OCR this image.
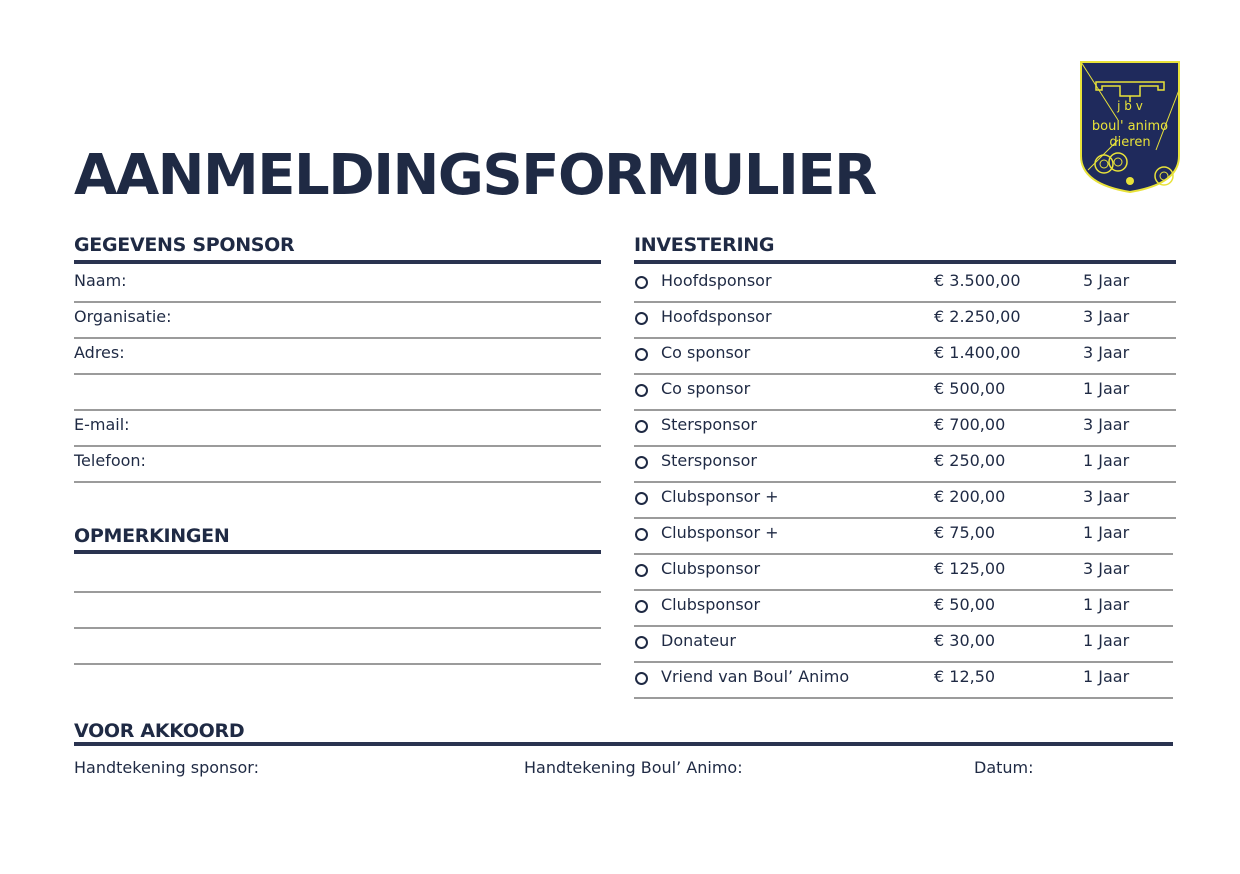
AANMELDINGSFORMULIER
j b v
boul' animo
dieren
GEGEVENS SPONSOR
Naam:
Organisatie:
Adres:
E-mail:
Telefoon:
OPMERKINGEN
INVESTERING
Hoofdsponsor	€ 3.500,00	5 Jaar
Hoofdsponsor	€ 2.250,00	3 Jaar
Co sponsor	€ 1.400,00	3 Jaar
Co sponsor	€ 500,00	1 Jaar
Stersponsor	€ 700,00	3 Jaar
Stersponsor	€ 250,00	1 Jaar
Clubsponsor +	€ 200,00	3 Jaar
Clubsponsor +	€ 75,00	1 Jaar
Clubsponsor	€ 125,00	3 Jaar
Clubsponsor	€ 50,00	1 Jaar
Donateur	€ 30,00	1 Jaar
Vriend van Boul’ Animo	€ 12,50	1 Jaar
VOOR AKKOORD
Handtekening sponsor:	Handtekening Boul’ Animo:	Datum:
